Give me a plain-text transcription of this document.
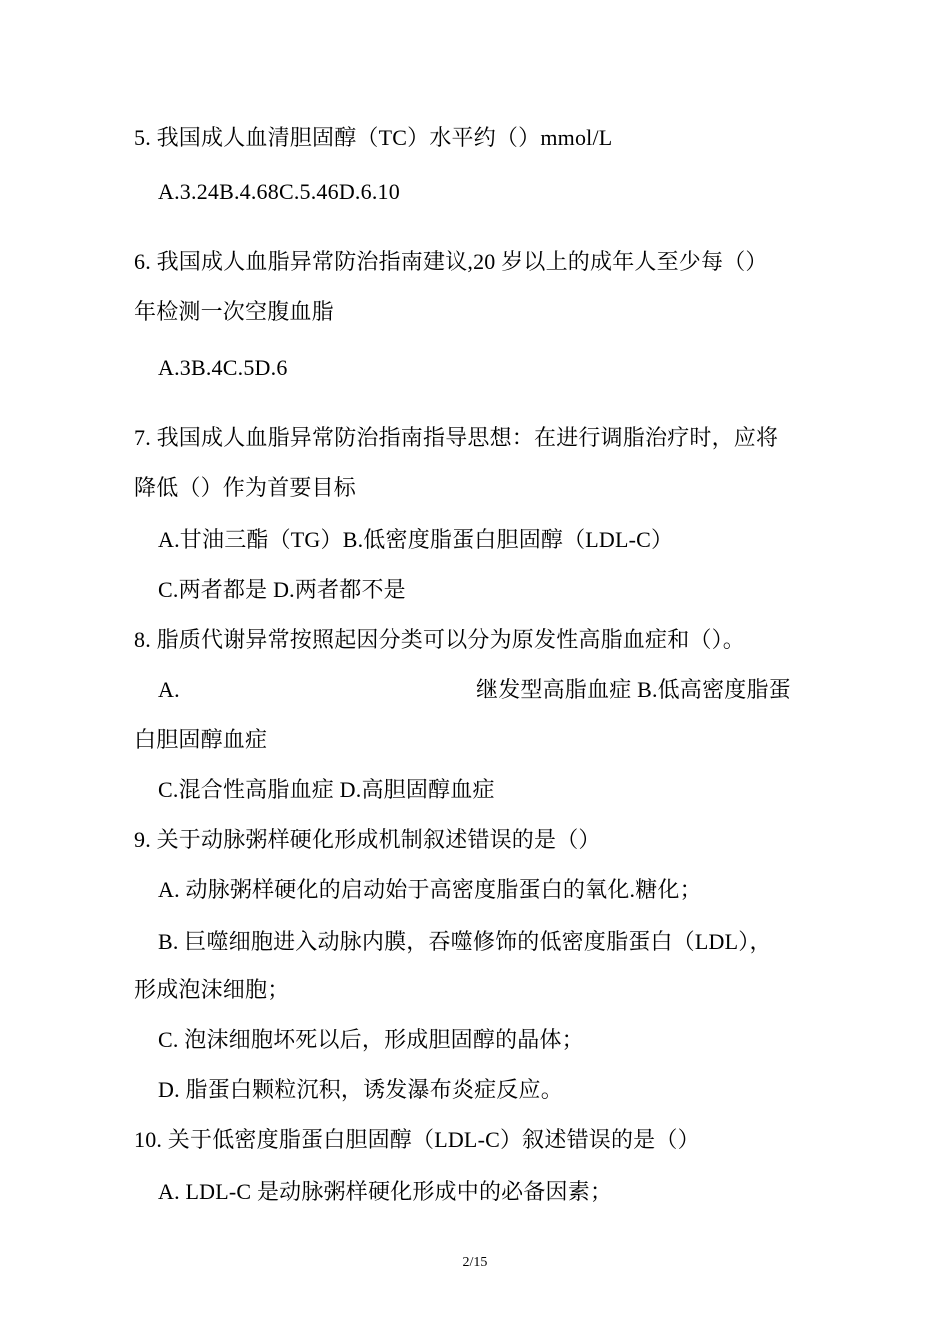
5. 我国成人血清胆固醇（TC）水平约（）mmol/L
A.3.24B.4.68C.5.46D.6.10
6. 我国成人血脂异常防治指南建议,20 岁以上的成年人至少每（）
年检测一次空腹血脂
A.3B.4C.5D.6
7. 我国成人血脂异常防治指南指导思想：在进行调脂治疗时，应将
降低（）作为首要目标
A.甘油三酯（TG）B.低密度脂蛋白胆固醇（LDL-C）
C.两者都是 D.两者都不是
8. 脂质代谢异常按照起因分类可以分为原发性高脂血症和（）。
A.	继发型高脂血症 B.低高密度脂蛋
白胆固醇血症
C.混合性高脂血症 D.高胆固醇血症
9. 关于动脉粥样硬化形成机制叙述错误的是（）
A. 动脉粥样硬化的启动始于高密度脂蛋白的氧化.糖化；
B. 巨噬细胞进入动脉内膜，吞噬修饰的低密度脂蛋白（LDL），
形成泡沫细胞；
C. 泡沫细胞坏死以后，形成胆固醇的晶体；
D. 脂蛋白颗粒沉积，诱发瀑布炎症反应。
10. 关于低密度脂蛋白胆固醇（LDL-C）叙述错误的是（）
A. LDL-C 是动脉粥样硬化形成中的必备因素；
2/15
